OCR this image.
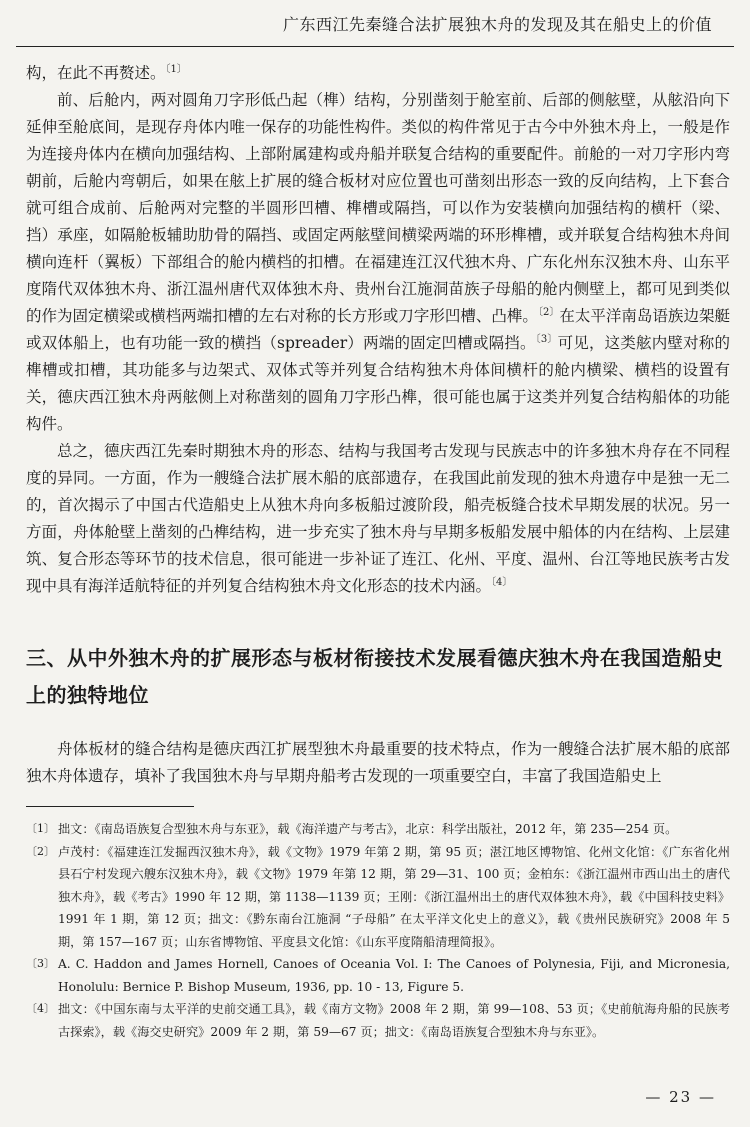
广东西江先秦缝合法扩展独木舟的发现及其在船史上的价值

构，在此不再赘述。$^{〔1〕}$

前、后舱内，两对圆角刀字形低凸起（榫）结构，分别凿刻于舱室前、后部的侧舷壁，从舷沿向下延伸至舱底间，是现存舟体内唯一保存的功能性构件。类似的构件常见于古今中外独木舟上，一般是作为连接舟体内在横向加强结构、上部附属建构或舟船并联复合结构的重要配件。前舱的一对刀字形内弯朝前，后舱内弯朝后，如果在舷上扩展的缝合板材对应位置也可凿刻出形态一致的反向结构，上下套合就可组合成前、后舱两对完整的半圆形凹槽、榫槽或隔挡，可以作为安装横向加强结构的横杆（梁、挡）承座，如隔舱板辅助肋骨的隔挡、或固定两舷壁间横梁两端的环形榫槽，或并联复合结构独木舟间横向连杆（翼板）下部组合的舱内横档的扣槽。在福建连江汉代独木舟、广东化州东汉独木舟、山东平度隋代双体独木舟、浙江温州唐代双体独木舟、贵州台江施洞苗族子母船的舱内侧壁上，都可见到类似的作为固定横梁或横档两端扣槽的左右对称的长方形或刀字形凹槽、凸榫。$^{〔2〕}$在太平洋南岛语族边架艇或双体船上，也有功能一致的横挡（spreader）两端的固定凹槽或隔挡。$^{〔3〕}$可见，这类舷内壁对称的榫槽或扣槽，其功能多与边架式、双体式等并列复合结构独木舟体间横杆的舱内横梁、横档的设置有关，德庆西江独木舟两舷侧上对称凿刻的圆角刀字形凸榫，很可能也属于这类并列复合结构船体的功能构件。

总之，德庆西江先秦时期独木舟的形态、结构与我国考古发现与民族志中的许多独木舟存在不同程度的异同。一方面，作为一艘缝合法扩展木船的底部遗存，在我国此前发现的独木舟遗存中是独一无二的，首次揭示了中国古代造船史上从独木舟向多板船过渡阶段，船壳板缝合技术早期发展的状况。另一方面，舟体舱壁上凿刻的凸榫结构，进一步充实了独木舟与早期多板船发展中船体的内在结构、上层建筑、复合形态等环节的技术信息，很可能进一步补证了连江、化州、平度、温州、台江等地民族考古发现中具有海洋适航特征的并列复合结构独木舟文化形态的技术内涵。$^{〔4〕}$

三、从中外独木舟的扩展形态与板材衔接技术发展看德庆独木舟在我国造船史上的独特地位

舟体板材的缝合结构是德庆西江扩展型独木舟最重要的技术特点，作为一艘缝合法扩展木船的底部独木舟体遗存，填补了我国独木舟与早期舟船考古发现的一项重要空白，丰富了我国造船史上

〔1〕 拙文：《南岛语族复合型独木舟与东亚》，载《海洋遗产与考古》，北京：科学出版社，2012 年，第 235—254 页。
〔2〕 卢茂村：《福建连江发掘西汉独木舟》，载《文物》1979 年第 2 期，第 95 页；湛江地区博物馆、化州文化馆：《广东省化州县石宁村发现六艘东汉独木舟》，载《文物》1979 年第 12 期，第 29—31、100 页；金柏东：《浙江温州市西山出土的唐代独木舟》，载《考古》1990 年 12 期，第 1138—1139 页；王刚：《浙江温州出土的唐代双体独木舟》，载《中国科技史料》1991 年 1 期，第 12 页；拙文：《黔东南台江施洞 “子母船” 在太平洋文化史上的意义》，载《贵州民族研究》2008 年 5 期，第 157—167 页；山东省博物馆、平度县文化馆：《山东平度隋船清理简报》。
〔3〕 A. C. Haddon and James Hornell, Canoes of Oceania Vol. I: The Canoes of Polynesia, Fiji, and Micronesia, Honolulu: Bernice P. Bishop Museum, 1936, pp. 10 - 13, Figure 5.
〔4〕 拙文：《中国东南与太平洋的史前交通工具》，载《南方文物》2008 年 2 期，第 99—108、53 页；《史前航海舟船的民族考古探索》，载《海交史研究》2009 年 2 期，第 59—67 页；拙文：《南岛语族复合型独木舟与东亚》。
— 23 —
